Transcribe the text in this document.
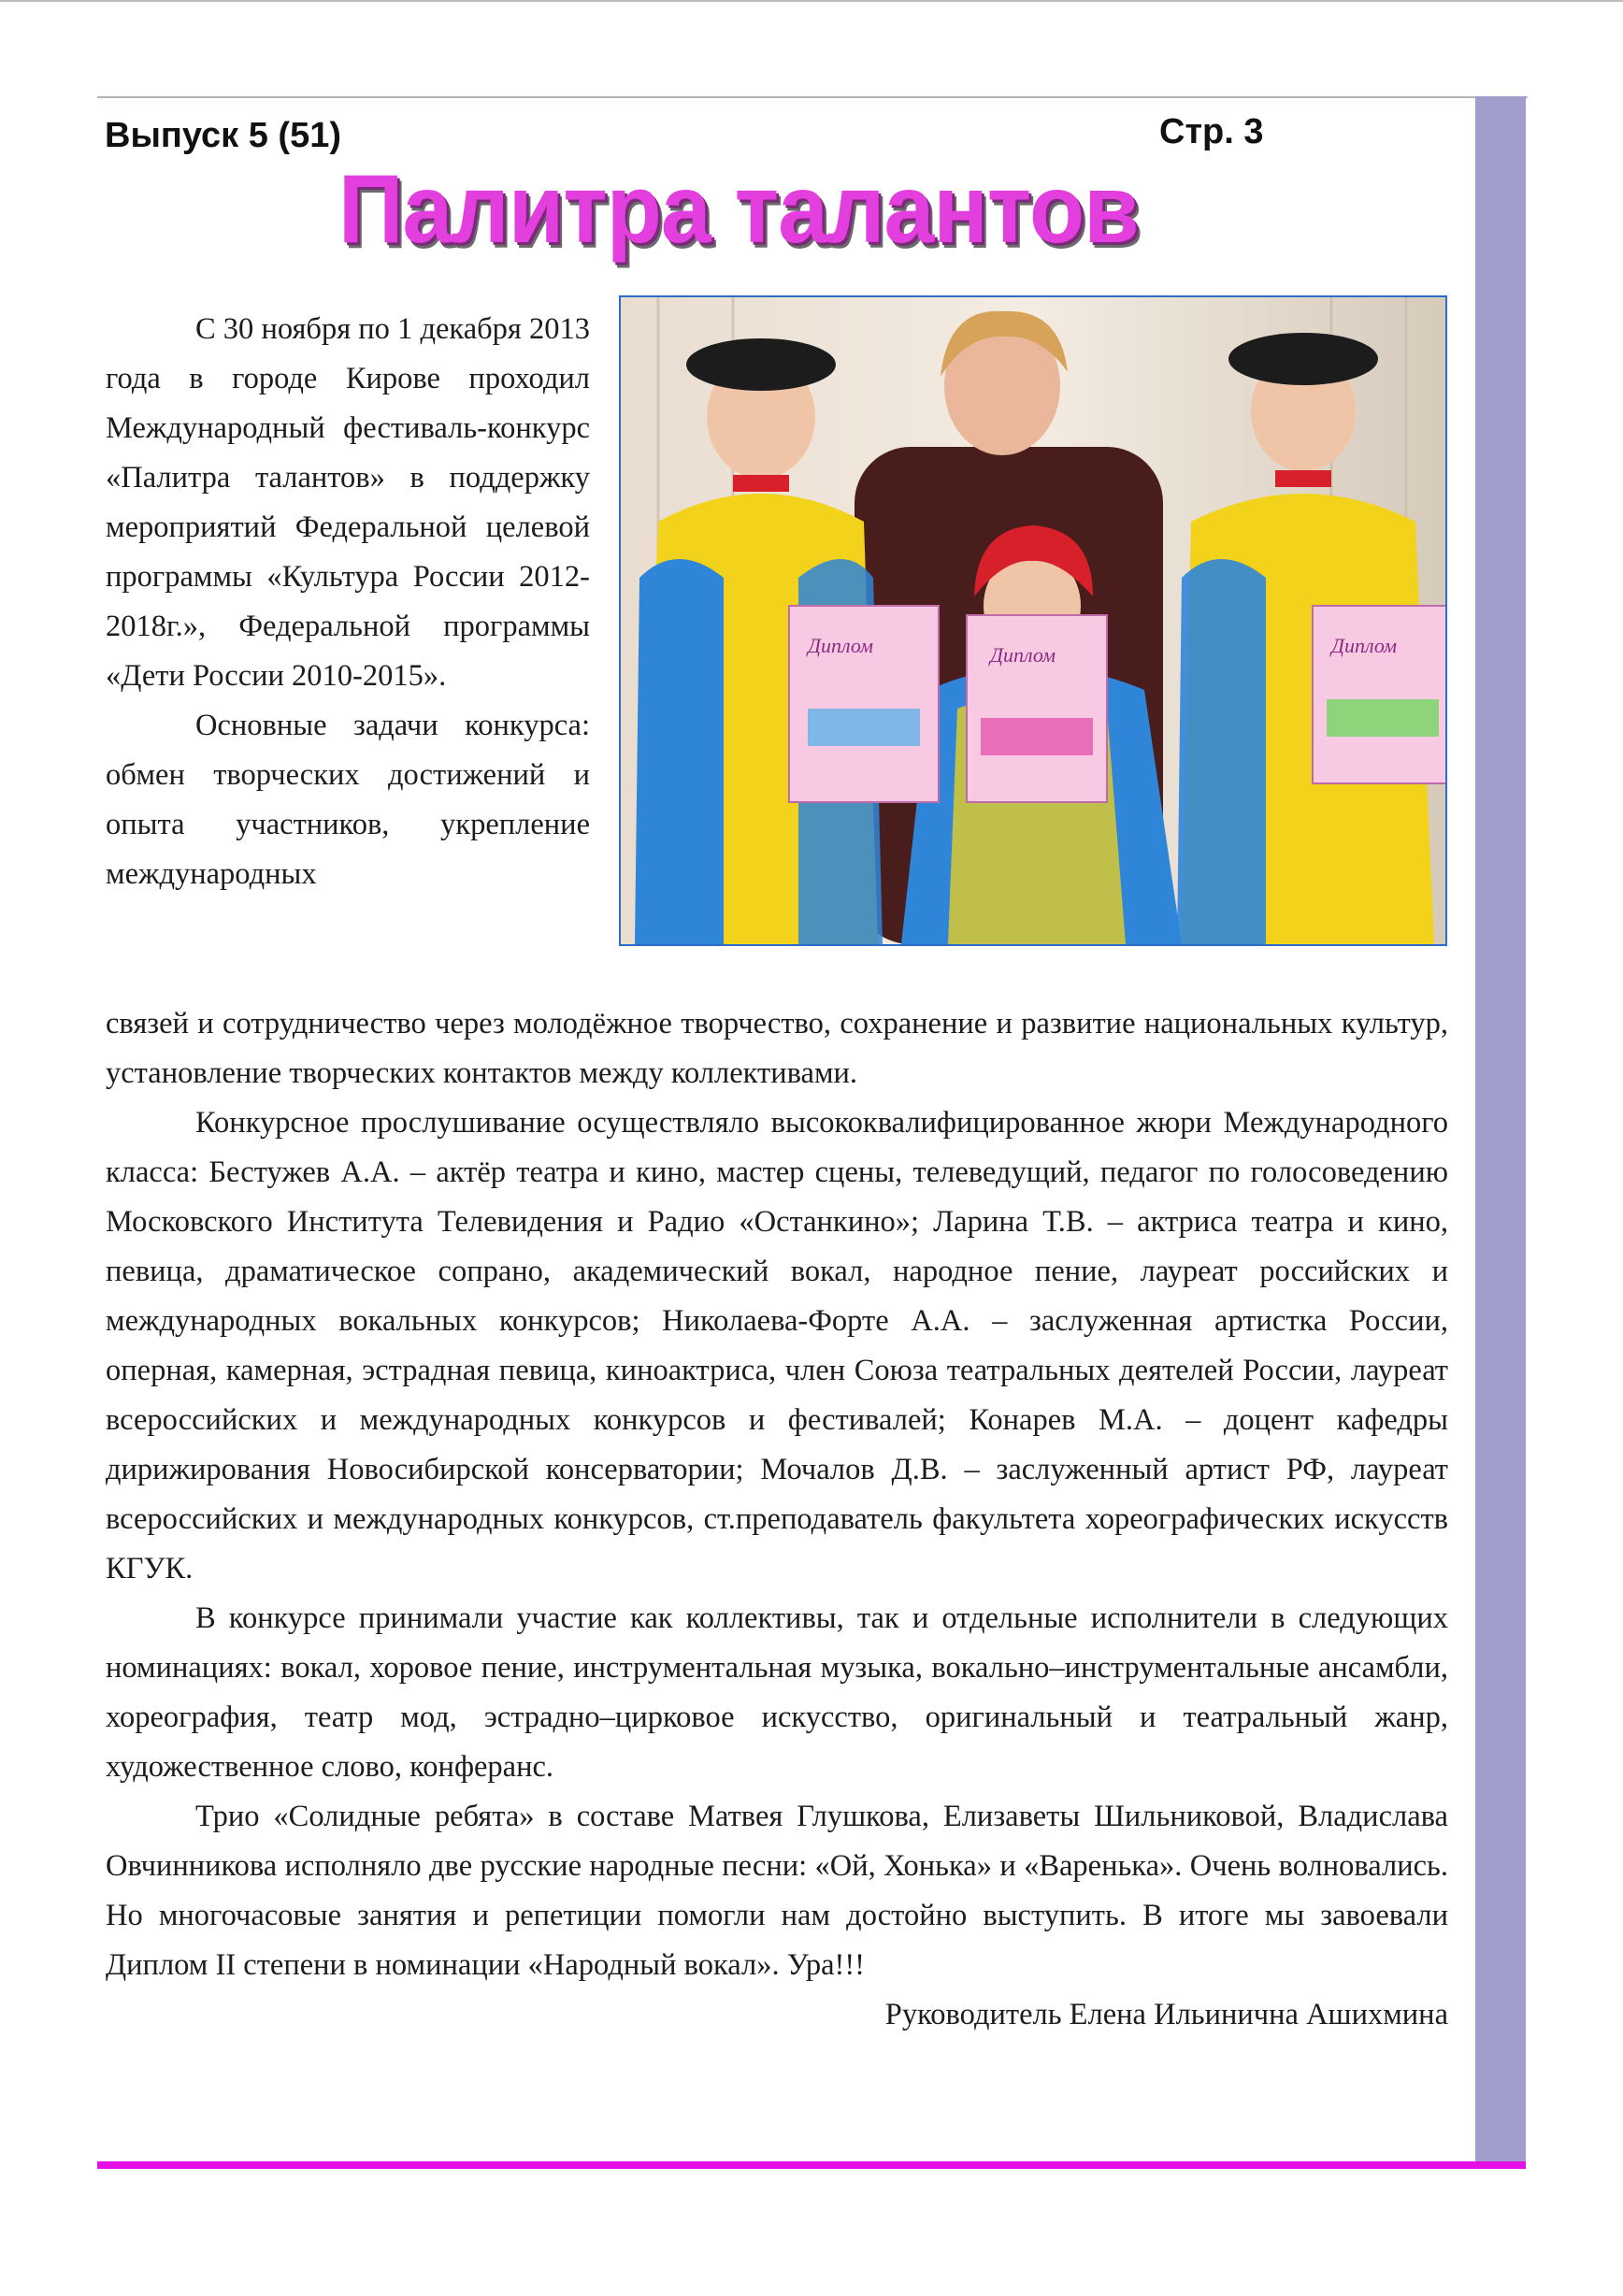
Выпуск 5 (51)	Стр. 3
Палитра талантов
Диплом	Диплом	Диплом

С 30 ноября по 1 декабря 2013 года в городе Кирове проходил Международный фестиваль-конкурс «Палитра талантов» в поддержку мероприятий Федеральной целевой программы «Культура России 2012-2018г.», Федеральной программы «Дети России 2010-2015».

Основные задачи конкурса: обмен творческих достижений и опыта участников, укрепление международных

связей и сотрудничество через молодёжное творчество, сохранение и развитие национальных культур, установление творческих контактов между коллективами.

Конкурсное прослушивание осуществляло высококвалифицированное жюри Международного класса: Бестужев А.А. – актёр театра и кино, мастер сцены, телеведущий, педагог по голосоведению Московского Института Телевидения и Радио «Останкино»; Ларина Т.В. – актриса театра и кино, певица, драматическое сопрано, академический вокал, народное пение, лауреат российских и международных вокальных конкурсов; Николаева-Форте А.А. – заслуженная артистка России, оперная, камерная, эстрадная певица, киноактриса, член Союза театральных деятелей России, лауреат всероссийских и международных конкурсов и фестивалей; Конарев М.А. – доцент кафедры дирижирования Новосибирской консерватории; Мочалов Д.В. – заслуженный артист РФ, лауреат всероссийских и международных конкурсов, ст.преподаватель факультета хореографических искусств КГУК.

В конкурсе принимали участие как коллективы, так и отдельные исполнители в следующих номинациях: вокал, хоровое пение, инструментальная музыка, вокально–инструментальные ансамбли, хореография, театр мод, эстрадно–цирковое искусство, оригинальный и театральный жанр, художественное слово, конферанс.

Трио «Солидные ребята» в составе Матвея Глушкова, Елизаветы Шильниковой, Владислава Овчинникова исполняло две русские народные песни: «Ой, Хонька» и «Варенька». Очень волновались. Но многочасовые занятия и репетиции помогли нам достойно выступить. В итоге мы завоевали Диплом II степени в номинации «Народный вокал». Ура!!!

Руководитель Елена Ильинична Ашихмина
